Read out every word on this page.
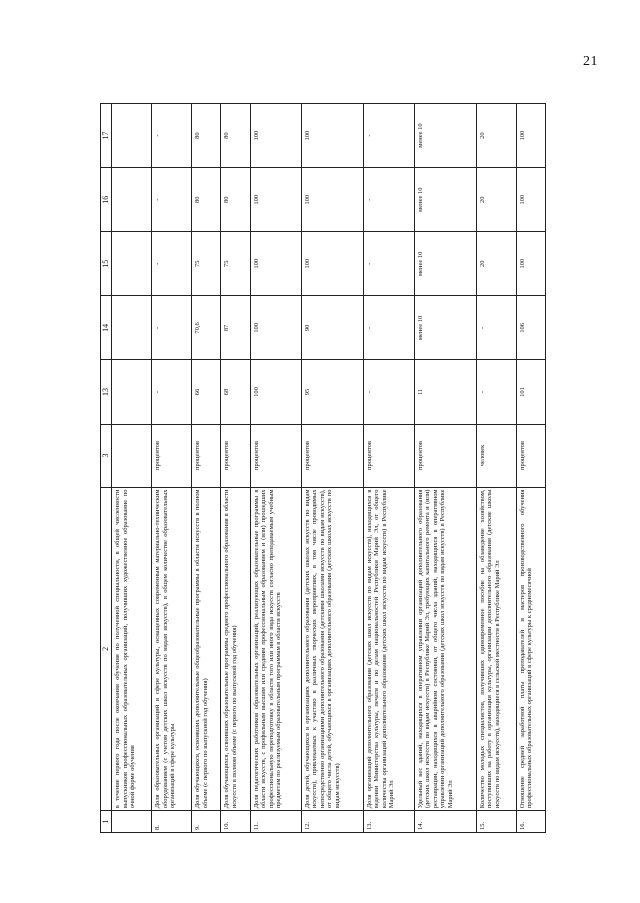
21
1	2	3	13	14	15	16	17
	в течение первого года после окончания обучения по полученной специальности, в общей численности выпускников профессиональных образовательных организаций, получивших художественное образование по очной форме обучения						
8.	Доля образовательных организаций в сфере культуры, оснащенных современным материально-техническим оборудованием (с учетом детских школ искусств по видам искусств), в общем количестве образовательных организаций в сфере культуры	процентов	-	-	-	-	-
9.	Доля обучающихся, освоивших дополнительные общеобразовательные программы в области искусств в полном объеме (с первого по выпускной год обучения)	процентов	66	70,6	75	80	80
10.	Доля обучающихся, освоивших образовательные программы среднего профессионального образования в области искусств в полном объеме (с первого по выпускной год обучения)	процентов	68	87	75	80	80
11.	Доля педагогических работников образовательных организаций, реализующих образовательные программы в области искусств, с профильным высшим или средним профессиональным образованием и (или) прошедших профессиональную переподготовку в области того или иного вида искусств согласно преподаваемым учебным предметам по реализуемым образовательным программам в области искусств	процентов	100	100	100	100	100
12.	Доля детей, обучающихся в организациях дополнительного образования (детских школах искусств по видам искусств), привлекаемых к участию в различных творческих мероприятиях, в том числе проводимых непосредственно организациями дополнительного образования (детскими школами искусств по видам искусств), от общего числа детей, обучающихся в организациях дополнительного образования (детских школах искусств по видам искусств)	процентов	95	90	100	100	100
13.	Доля организаций дополнительного образования (детских школ искусств по видам искусств), находящихся в ведении Министерства культуры, печати и по делам национальностей Республики Марий Эл, от общего количества организаций дополнительного образования (детских школ искусств по видам искусств) в Республике Марий Эл	процентов	-	-	-	-	-
14.	Удельный вес зданий, находящихся в оперативном управлении организаций дополнительного образования (детских школ искусств по видам искусств) в Республике Марий Эл, требующих капитального ремонта и (или) реставрации, находящихся в аварийном состоянии, от общего числа зданий, находящихся в оперативном управлении организаций дополнительного образования (детских школ искусств по видам искусств) в Республике Марий Эл	процентов	11	менее 10	менее 10	менее 10	менее 10
15.	Количество молодых специалистов, получивших единовременное пособие на обзаведение хозяйством, поступивших на работу в организации культуры, организации дополнительного образования (детские школы искусств по видам искусств), находящиеся в сельской местности в Республике Марий Эл	человек	-	-	20	20	20
16.	Отношение средней заработной платы преподавателей и мастеров производственного обучения профессиональных образовательных организаций в сфере культуры к среднемесячной	процентов	101	106	100	100	100
